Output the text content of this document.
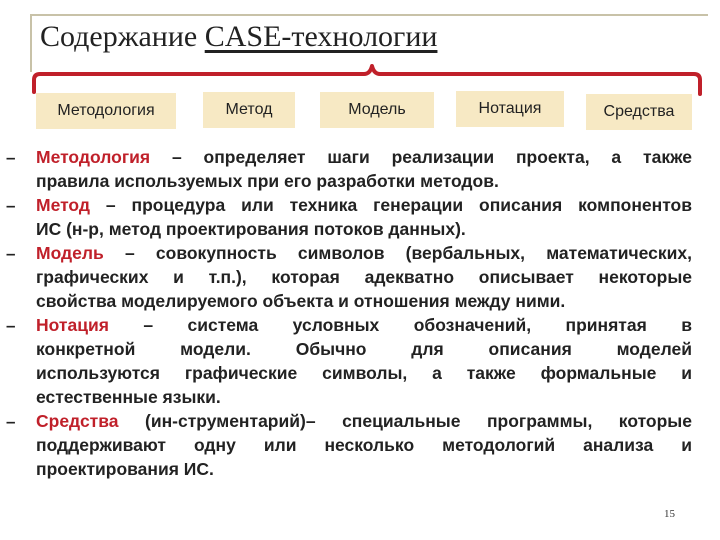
Содержание CASE-технологии
Методология	Метод	Модель	Нотация	Средства
– Методология – определяет шаги реализации проекта, а также
правила используемых при его разработки методов.
– Метод – процедура или техника генерации описания компонентов
ИС (н-р, метод проектирования потоков данных).
– Модель – совокупность символов (вербальных, математических,
графических и т.п.), которая адекватно описывает некоторые
свойства моделируемого объекта и отношения между ними.
– Нотация – система условных обозначений, принятая в
конкретной модели. Обычно для описания моделей
используются графические символы, а также формальные и
естественные языки.
– Средства (ин-струментарий)– специальные программы, которые
поддерживают одну или несколько методологий анализа и
проектирования ИС.
15
